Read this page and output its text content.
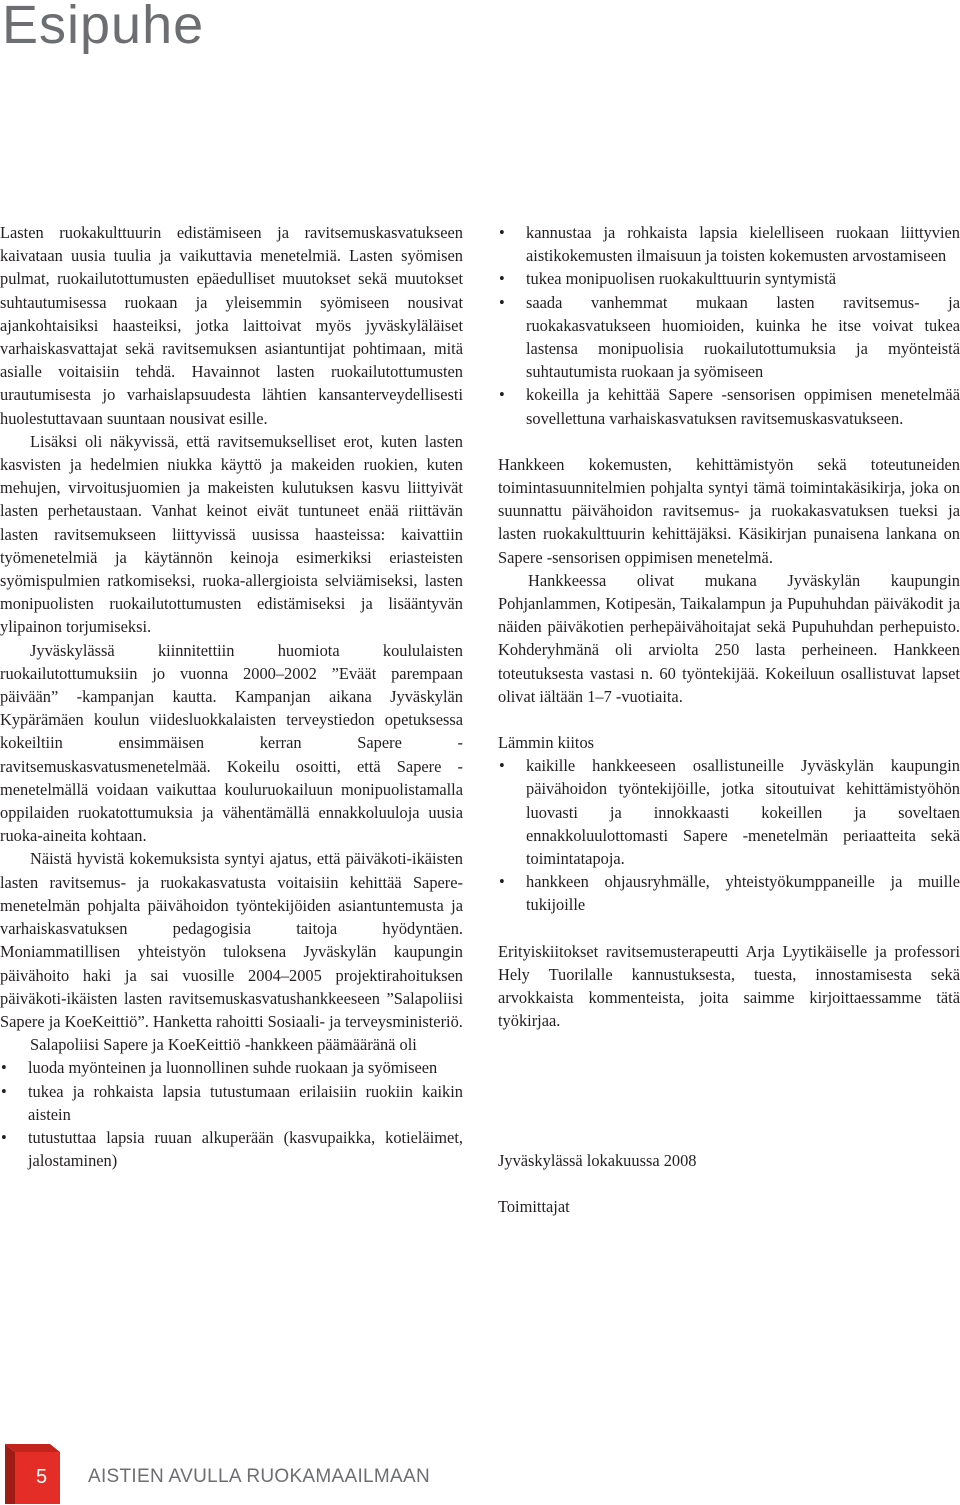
Esipuhe

Lasten ruokakulttuurin edistämiseen ja ravitsemuskasvatukseen kaivataan uusia tuulia ja vaikuttavia menetelmiä. Lasten syömisen pulmat, ruokailutottumusten epäedulliset muutokset sekä muutokset suhtautumisessa ruokaan ja yleisemmin syömiseen nousivat ajankohtaisiksi haasteiksi, jotka laittoivat myös jyväskyläläiset varhaiskasvattajat sekä ravitsemuksen asiantuntijat pohtimaan, mitä asialle voitaisiin tehdä. Havainnot lasten ruokailutottumusten urautumisesta jo varhaislapsuudesta lähtien kansanterveydellisesti huolestuttavaan suuntaan nousivat esille.

Lisäksi oli näkyvissä, että ravitsemukselliset erot, kuten lasten kasvisten ja hedelmien niukka käyttö ja makeiden ruokien, kuten mehujen, virvoitusjuomien ja makeisten kulutuksen kasvu liittyivät lasten perhetaustaan. Vanhat keinot eivät tuntuneet enää riittävän lasten ravitsemukseen liittyvissä uusissa haasteissa: kaivattiin työmenetelmiä ja käytännön keinoja esimerkiksi eriasteisten syömispulmien ratkomiseksi, ruoka-allergioista selviämiseksi, lasten monipuolisten ruokailutottumusten edistämiseksi ja lisääntyvän ylipainon torjumiseksi.

Jyväskylässä kiinnitettiin huomiota koululaisten ruokailutottumuksiin jo vuonna 2000–2002 ”Eväät parempaan päivään” -kampanjan kautta. Kampanjan aikana Jyväskylän Kypärämäen koulun viidesluokkalaisten terveystiedon opetuksessa kokeiltiin ensimmäisen kerran Sapere -ravitsemuskasvatusmenetelmää. Kokeilu osoitti, että Sapere -menetelmällä voidaan vaikuttaa kouluruokailuun monipuolistamalla oppilaiden ruokatottumuksia ja vähentämällä ennakkoluuloja uusia ruoka-aineita kohtaan.

Näistä hyvistä kokemuksista syntyi ajatus, että päiväkoti-ikäisten lasten ravitsemus- ja ruokakasvatusta voitaisiin kehittää Sapere-menetelmän pohjalta päivähoidon työntekijöiden asiantuntemusta ja varhaiskasvatuksen pedagogisia taitoja hyödyntäen. Moniammatillisen yhteistyön tuloksena Jyväskylän kaupungin päivähoito haki ja sai vuosille 2004–2005 projektirahoituksen päiväkoti-ikäisten lasten ravitsemuskasvatushankkeeseen ”Salapoliisi Sapere ja KoeKeittiö”. Hanketta rahoitti Sosiaali- ja terveysministeriö.

Salapoliisi Sapere ja KoeKeittiö -hankkeen päämääränä oli

• luoda myönteinen ja luonnollinen suhde ruokaan ja syömiseen
• tukea ja rohkaista lapsia tutustumaan erilaisiin ruokiin kaikin aistein
• tutustuttaa lapsia ruuan alkuperään (kasvupaikka, kotieläimet, jalostaminen)
• kannustaa ja rohkaista lapsia kielelliseen ruokaan liittyvien aistikokemusten ilmaisuun ja toisten kokemusten arvostamiseen
• tukea monipuolisen ruokakulttuurin syntymistä
• saada vanhemmat mukaan lasten ravitsemus- ja ruokakasvatukseen huomioiden, kuinka he itse voivat tukea lastensa monipuolisia ruokailutottumuksia ja myönteistä suhtautumista ruokaan ja syömiseen
• kokeilla ja kehittää Sapere -sensorisen oppimisen menetelmää sovellettuna varhaiskasvatuksen ravitsemuskasvatukseen.

Hankkeen kokemusten, kehittämistyön sekä toteutuneiden toimintasuunnitelmien pohjalta syntyi tämä toimintakäsikirja, joka on suunnattu päivähoidon ravitsemus- ja ruokakasvatuksen tueksi ja lasten ruokakulttuurin kehittäjäksi. Käsikirjan punaisena lankana on Sapere -sensorisen oppimisen menetelmä.

Hankkeessa olivat mukana Jyväskylän kaupungin Pohjanlammen, Kotipesän, Taikalampun ja Pupuhuhdan päiväkodit ja näiden päiväkotien perhepäivähoitajat sekä Pupuhuhdan perhepuisto. Kohderyhmänä oli arviolta 250 lasta perheineen. Hankkeen toteutuksesta vastasi n. 60 työntekijää. Kokeiluun osallistuvat lapset olivat iältään 1–7 -vuotiaita.

Lämmin kiitos

• kaikille hankkeeseen osallistuneille Jyväskylän kaupungin päivähoidon työntekijöille, jotka sitoutuivat kehittämistyöhön luovasti ja innokkaasti kokeillen ja soveltaen ennakkoluulottomasti Sapere -menetelmän periaatteita sekä toimintatapoja.
• hankkeen ohjausryhmälle, yhteistyökumppaneille ja muille tukijoille

Erityiskiitokset ravitsemusterapeutti Arja Lyytikäiselle ja professori Hely Tuorilalle kannustuksesta, tuesta, innostamisesta sekä arvokkaista kommenteista, joita saimme kirjoittaessamme tätä työkirjaa.

Jyväskylässä lokakuussa 2008

Toimittajat

5 AISTIEN AVULLA RUOKAMAAILMAAN
